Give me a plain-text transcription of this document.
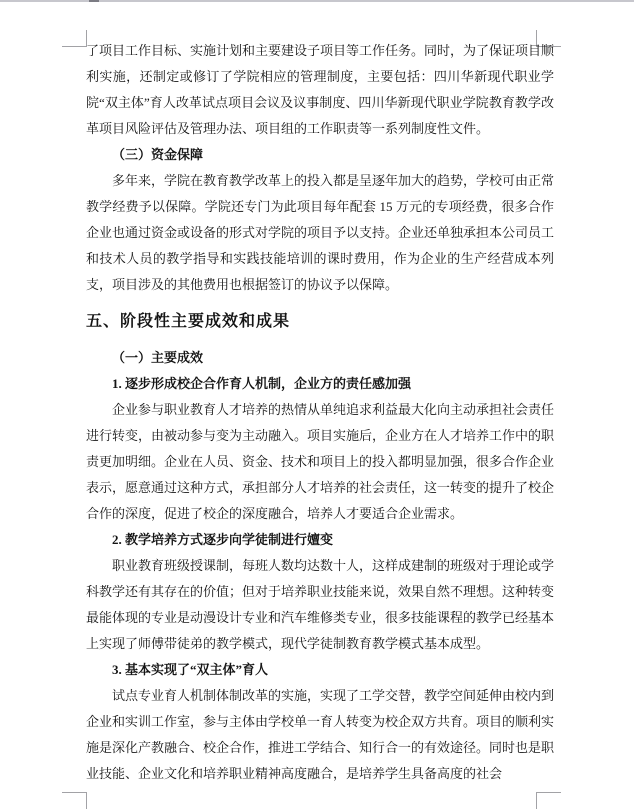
了项目工作目标、实施计划和主要建设子项目等工作任务。同时，为了保证项目顺利实施，还制定或修订了学院相应的管理制度，主要包括：四川华新现代职业学院“双主体”育人改革试点项目会议及议事制度、四川华新现代职业学院教育教学改革项目风险评估及管理办法、项目组的工作职责等一系列制度性文件。

（三）资金保障

多年来，学院在教育教学改革上的投入都是呈逐年加大的趋势，学校可由正常教学经费予以保障。学院还专门为此项目每年配套 15 万元的专项经费，很多合作企业也通过资金或设备的形式对学院的项目予以支持。企业还单独承担本公司员工和技术人员的教学指导和实践技能培训的课时费用，作为企业的生产经营成本列支，项目涉及的其他费用也根据签订的协议予以保障。

五、阶段性主要成效和成果

（一）主要成效

1. 逐步形成校企合作育人机制，企业方的责任感加强

企业参与职业教育人才培养的热情从单纯追求利益最大化向主动承担社会责任进行转变，由被动参与变为主动融入。项目实施后，企业方在人才培养工作中的职责更加明细。企业在人员、资金、技术和项目上的投入都明显加强，很多合作企业表示，愿意通过这种方式，承担部分人才培养的社会责任，这一转变的提升了校企合作的深度，促进了校企的深度融合，培养人才要适合企业需求。

2. 教学培养方式逐步向学徒制进行嬗变

职业教育班级授课制，每班人数均达数十人，这样成建制的班级对于理论或学科教学还有其存在的价值；但对于培养职业技能来说，效果自然不理想。这种转变最能体现的专业是动漫设计专业和汽车维修类专业，很多技能课程的教学已经基本上实现了师傅带徒弟的教学模式，现代学徒制教育教学模式基本成型。

3. 基本实现了“双主体”育人

试点专业育人机制体制改革的实施，实现了工学交替，教学空间延伸由校内到企业和实训工作室，参与主体由学校单一育人转变为校企双方共育。项目的顺利实施是深化产教融合、校企合作，推进工学结合、知行合一的有效途径。同时也是职业技能、企业文化和培养职业精神高度融合，是培养学生具备高度的社会
